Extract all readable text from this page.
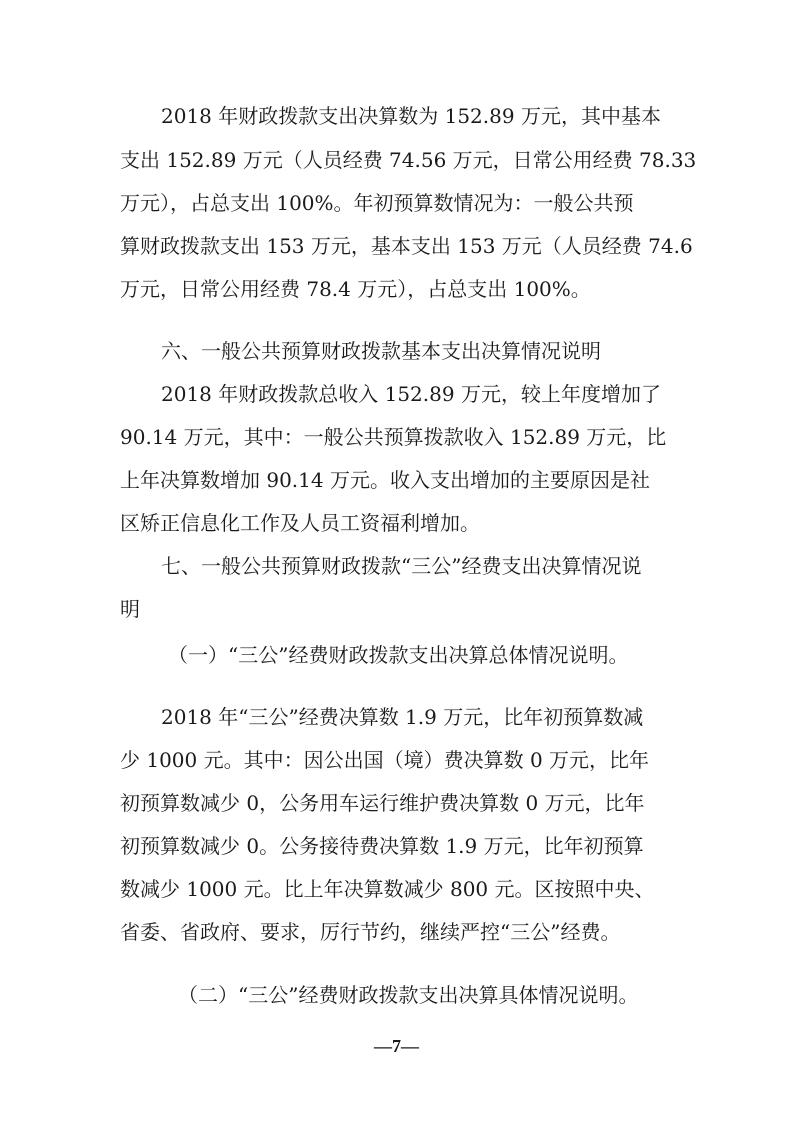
2018 年财政拨款支出决算数为 152.89 万元，其中基本
支出 152.89 万元（人员经费 74.56 万元，日常公用经费 78.33
万元），占总支出 100%。年初预算数情况为：一般公共预
算财政拨款支出 153 万元，基本支出 153 万元（人员经费 74.6
万元，日常公用经费 78.4 万元），占总支出 100%。
六、一般公共预算财政拨款基本支出决算情况说明
2018 年财政拨款总收入 152.89 万元，较上年度增加了
90.14 万元，其中：一般公共预算拨款收入 152.89 万元，比
上年决算数增加 90.14 万元。收入支出增加的主要原因是社
区矫正信息化工作及人员工资福利增加。
七、一般公共预算财政拨款“三公”经费支出决算情况说
明
（一）“三公”经费财政拨款支出决算总体情况说明。
2018 年“三公”经费决算数 1.9 万元，比年初预算数减
少 1000 元。其中：因公出国（境）费决算数 0 万元，比年
初预算数减少 0，公务用车运行维护费决算数 0 万元，比年
初预算数减少 0。公务接待费决算数 1.9 万元，比年初预算
数减少 1000 元。比上年决算数减少 800 元。区按照中央、
省委、省政府、要求，厉行节约，继续严控“三公”经费。
（二）“三公”经费财政拨款支出决算具体情况说明。
—7—
